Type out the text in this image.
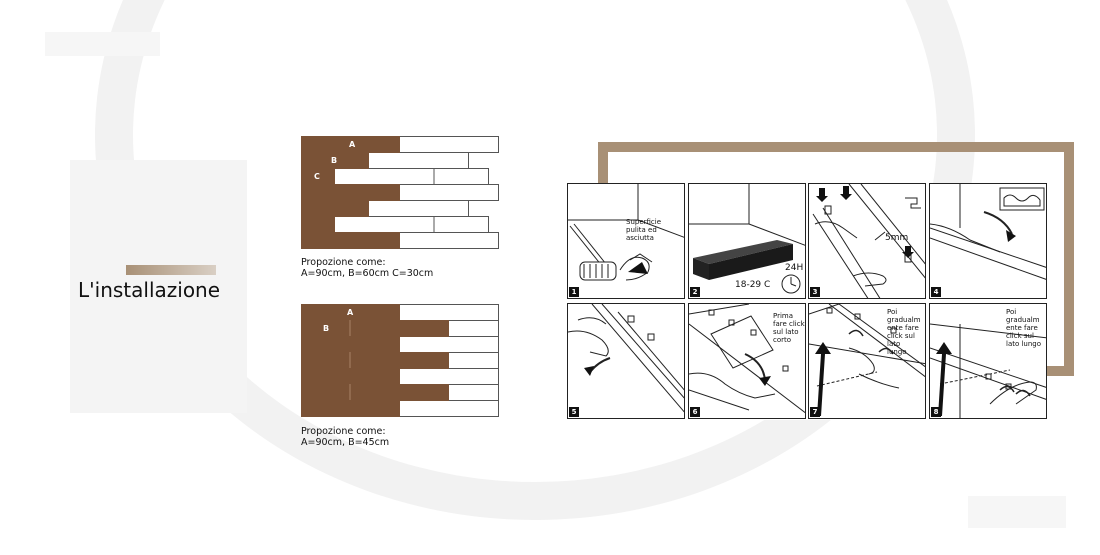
L'installazione
A
B
C
Propozione come:
A=90cm, B=60cm C=30cm
A
B
Propozione come:
A=90cm, B=45cm
Superficie
pulita ed
asciutta
1
24H
18-29 C
2
5mm
3	4
5
Prima
fare click
sul lato
corto
6
Poi
gradualm
ente fare
click sul
lato
lungo
7
Poi
gradualm
ente fare
click sul
lato lungo
8
